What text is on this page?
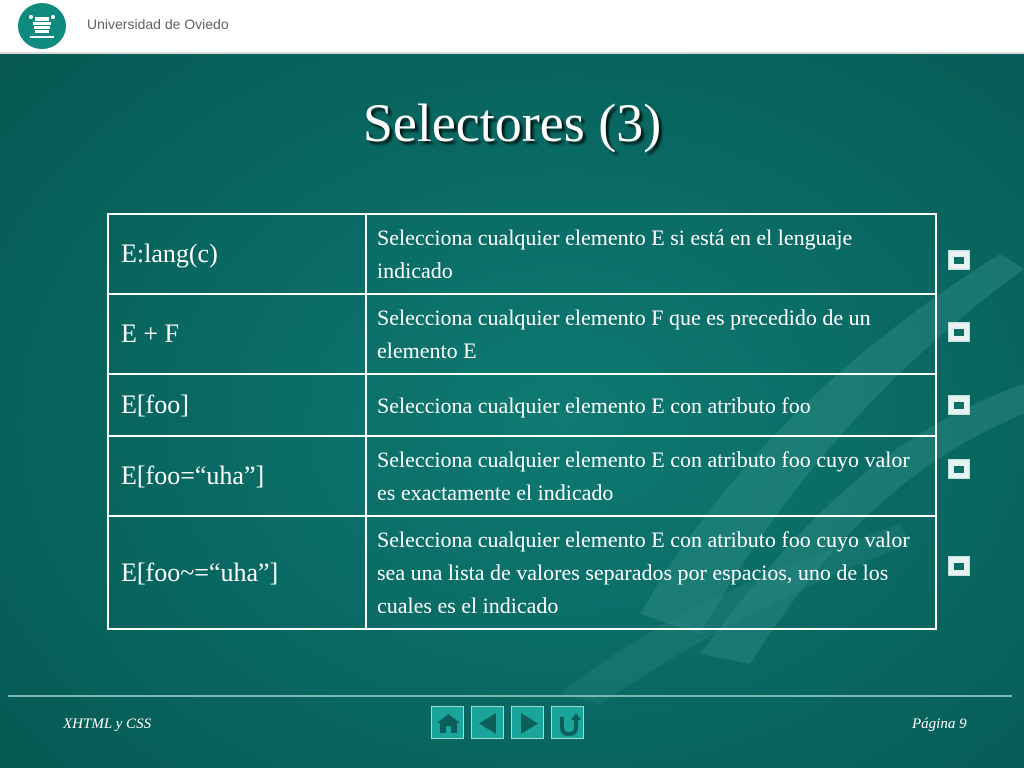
Universidad de Oviedo
Selectores (3)
E:lang(c)	Selecciona cualquier elemento E si está en el lenguaje indicado
E + F	Selecciona cualquier elemento F que es precedido de un elemento E
E[foo]	Selecciona cualquier elemento E con atributo foo
E[foo=“uha”]	Selecciona cualquier elemento E con atributo foo cuyo valor es exactamente el indicado
E[foo~=“uha”]	Selecciona cualquier elemento E con atributo foo cuyo valor sea una lista de valores separados por espacios, uno de los cuales es el indicado
XHTML y CSS	Página 9
